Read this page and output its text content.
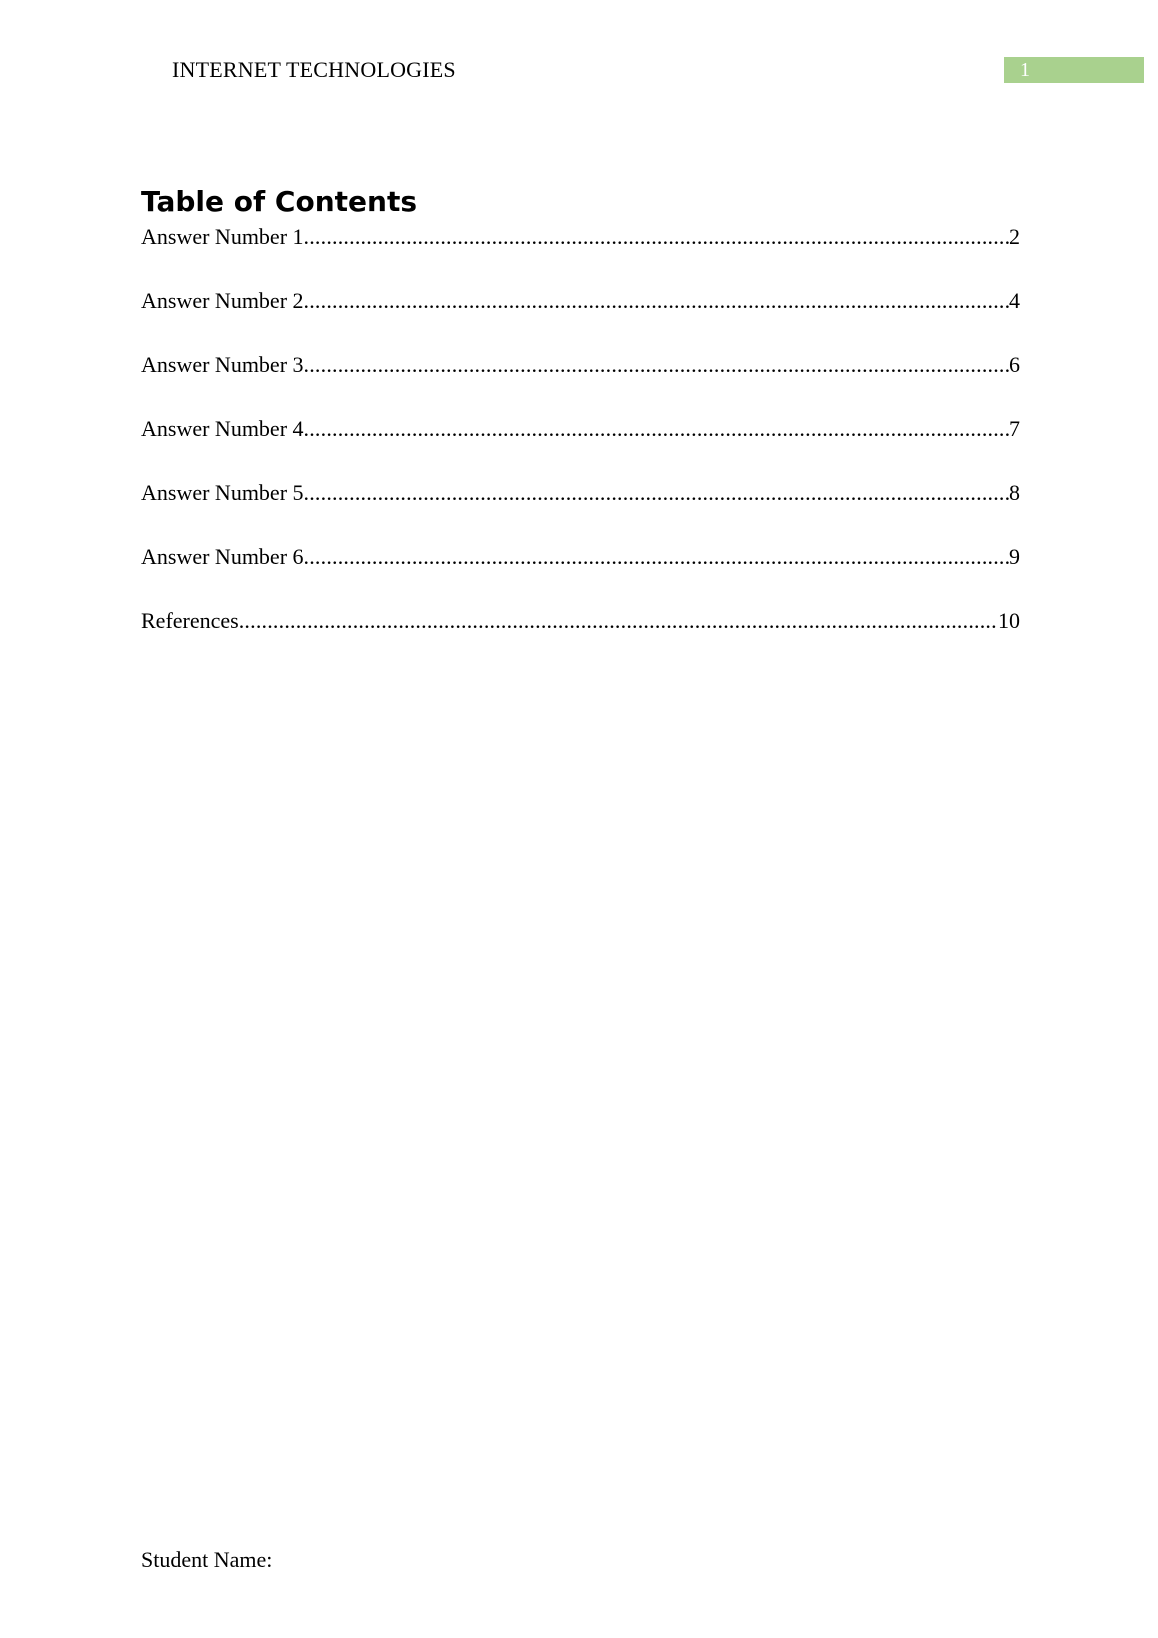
INTERNET TECHNOLOGIES	1
Table of Contents
Answer Number 1 .....	2
Answer Number 2 .....	4
Answer Number 3 .....	6
Answer Number 4 .....	7
Answer Number 5 .....	8
Answer Number 6 .....	9
References .....	10
Student Name:
